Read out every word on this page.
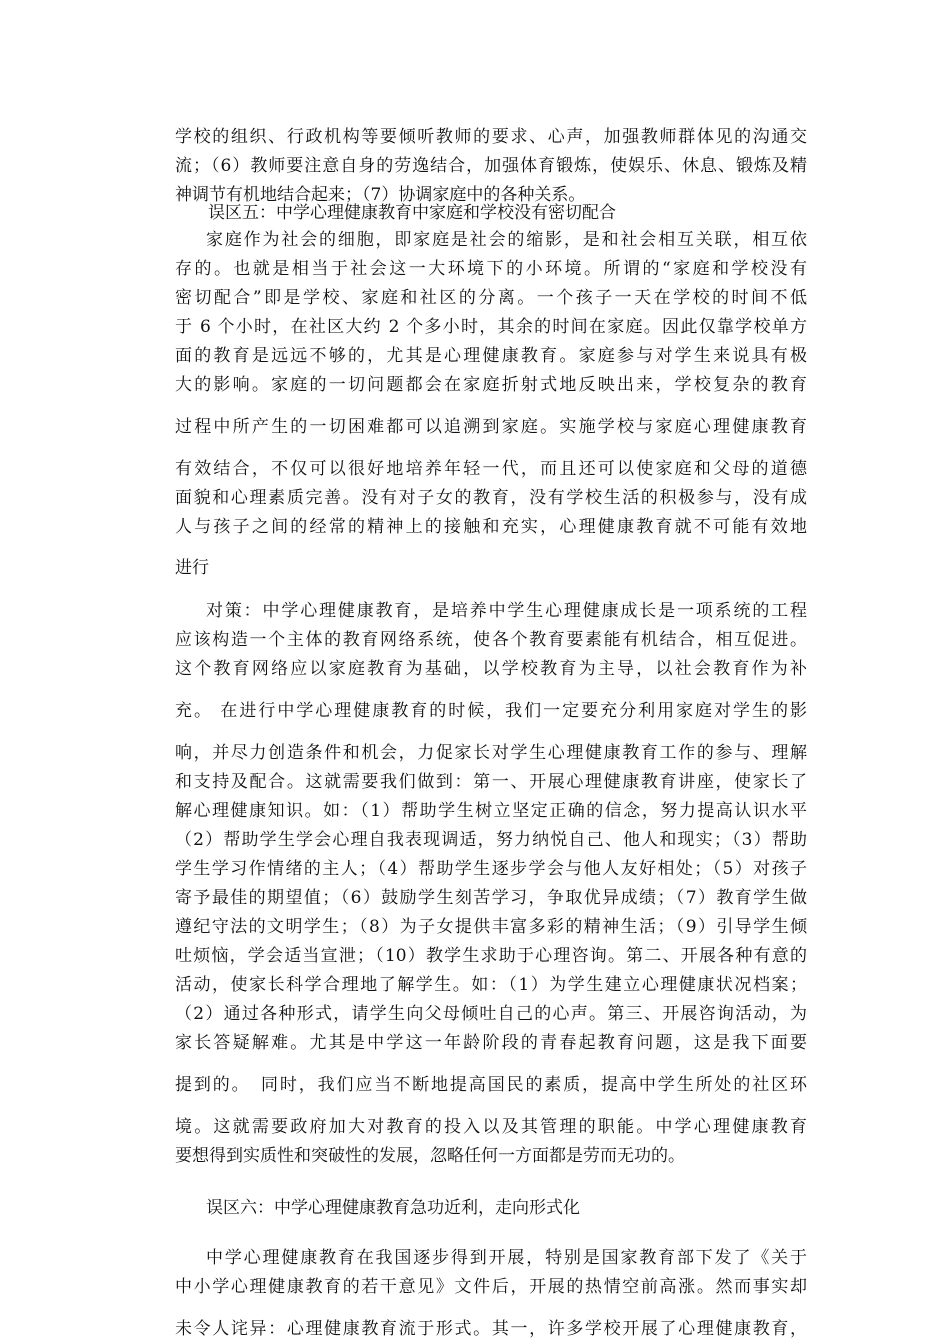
学校的组织、行政机构等要倾听教师的要求、心声，加强教师群体见的沟通交
流；（6）教师要注意自身的劳逸结合，加强体育锻炼，使娱乐、休息、锻炼及精
神调节有机地结合起来；（7）协调家庭中的各种关系。
误区五：中学心理健康教育中家庭和学校没有密切配合
家庭作为社会的细胞，即家庭是社会的缩影，是和社会相互关联，相互依
存的。也就是相当于社会这一大环境下的小环境。所谓的“家庭和学校没有
密切配合”即是学校、家庭和社区的分离。一个孩子一天在学校的时间不低
于 6 个小时，在社区大约 2 个多小时，其余的时间在家庭。因此仅靠学校单方
面的教育是远远不够的，尤其是心理健康教育。家庭参与对学生来说具有极
大的影响。家庭的一切问题都会在家庭折射式地反映出来，学校复杂的教育
过程中所产生的一切困难都可以追溯到家庭。实施学校与家庭心理健康教育
有效结合，不仅可以很好地培养年轻一代，而且还可以使家庭和父母的道德
面貌和心理素质完善。没有对子女的教育，没有学校生活的积极参与，没有成
人与孩子之间的经常的精神上的接触和充实，心理健康教育就不可能有效地
进行
对策：中学心理健康教育，是培养中学生心理健康成长是一项系统的工程
应该构造一个主体的教育网络系统，使各个教育要素能有机结合，相互促进。
这个教育网络应以家庭教育为基础，以学校教育为主导，以社会教育作为补
充。 在进行中学心理健康教育的时候，我们一定要充分利用家庭对学生的影
响，并尽力创造条件和机会，力促家长对学生心理健康教育工作的参与、理解
和支持及配合。这就需要我们做到：第一、开展心理健康教育讲座，使家长了
解心理健康知识。如：（1）帮助学生树立坚定正确的信念，努力提高认识水平
（2）帮助学生学会心理自我表现调适，努力纳悦自己、他人和现实；（3）帮助
学生学习作情绪的主人；（4）帮助学生逐步学会与他人友好相处；（5）对孩子
寄予最佳的期望值；（6）鼓励学生刻苦学习，争取优异成绩；（7）教育学生做
遵纪守法的文明学生；（8）为子女提供丰富多彩的精神生活；（9）引导学生倾
吐烦恼，学会适当宣泄；（10）教学生求助于心理咨询。第二、开展各种有意的
活动，使家长科学合理地了解学生。如：（1）为学生建立心理健康状况档案；
（2）通过各种形式，请学生向父母倾吐自己的心声。第三、开展咨询活动，为
家长答疑解难。尤其是中学这一年龄阶段的青春起教育问题，这是我下面要
提到的。　同时，我们应当不断地提高国民的素质，提高中学生所处的社区环
境。这就需要政府加大对教育的投入以及其管理的职能。中学心理健康教育
要想得到实质性和突破性的发展，忽略任何一方面都是劳而无功的。
误区六：中学心理健康教育急功近利，走向形式化
中学心理健康教育在我国逐步得到开展，特别是国家教育部下发了《关于
中小学心理健康教育的若干意见》文件后，开展的热情空前高涨。然而事实却
未令人诧异：心理健康教育流于形式。其一，许多学校开展了心理健康教育，
